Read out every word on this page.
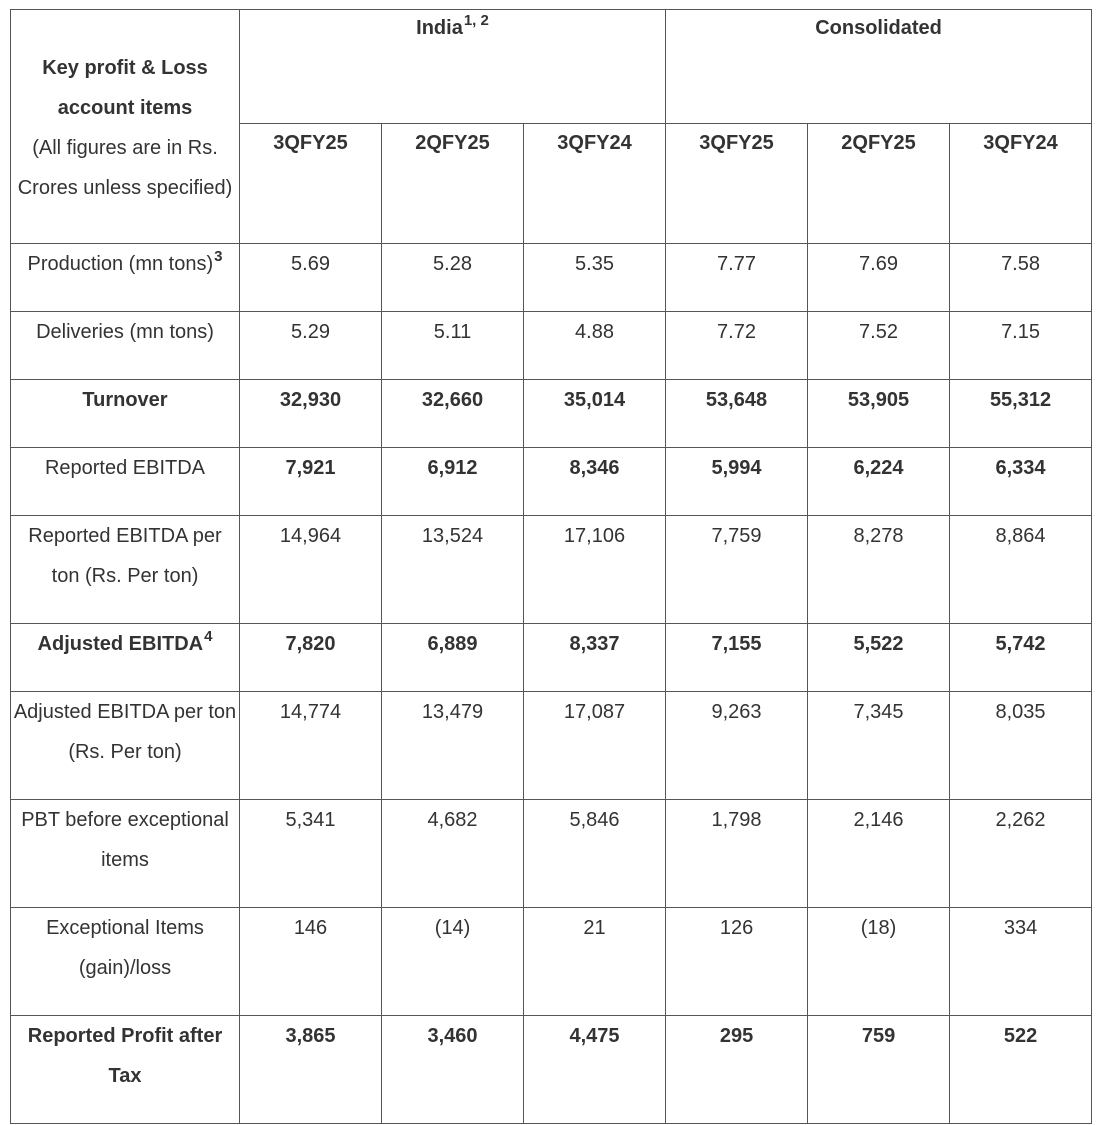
Key profit & Loss
account items
(All figures are in Rs.
Crores unless specified)	India$^{1, 2}$			Consolidated		
	3QFY25	2QFY25	3QFY24	3QFY25	2QFY25	3QFY24
Production (mn tons)$^3$	5.69	5.28	5.35	7.77	7.69	7.58

Deliveries (mn tons)	5.29	5.11	4.88	7.72	7.52	7.15

Turnover	32,930	32,660	35,014	53,648	53,905	55,312

Reported EBITDA	7,921	6,912	8,346	5,994	6,224	6,334

Reported EBITDA per
ton (Rs. Per ton)	14,964	13,524	17,106	7,759	8,278	8,864
Adjusted EBITDA$^4$	7,820	6,889	8,337	7,155	5,522	5,742

Adjusted EBITDA per ton
(Rs. Per ton)	14,774	13,479	17,087	9,263	7,345	8,035

PBT before exceptional
items	5,341	4,682	5,846	1,798	2,146	2,262

Exceptional Items
(gain)/loss	146	(14)	21	126	(18)	334

Reported Profit after
Tax	3,865	3,460	4,475	295	759	522
